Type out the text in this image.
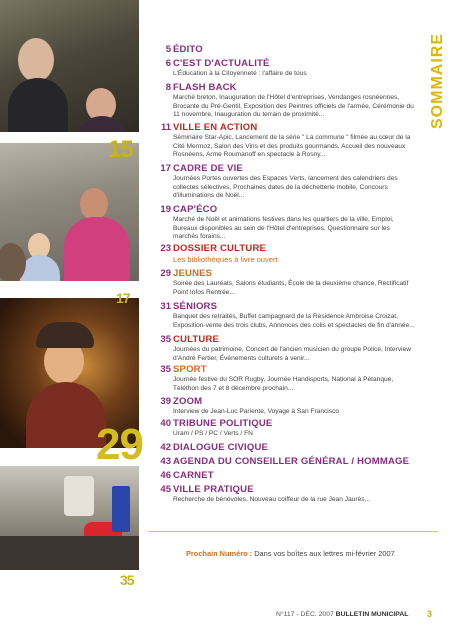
15
17
29
35
SOMMAIRE
5 ÉDITO
6 C'EST D'ACTUALITÉ
L'Éducation à la Citoyenneté : l'affaire de tous
8 FLASH BACK
Marché breton, Inauguration de l'Hôtel d'entreprises, Vendanges rosnéennes, Brocante du Pré-Gentil, Exposition des Peintres officiels de l'armée, Cérémonie du 11 novembre, Inauguration du terrain de proximité...
11 VILLE EN ACTION
Séminaire Star-Apic, Lancement de la série " La commune " filmée au cœur de la Cité Mermoz, Salon des Vins et des produits gourmands, Accueil des nouveaux Rosnéens, Arme Roumanoff en spectacle à Rosny...
17 CADRE DE VIE
Journées Portes ouvertes des Espaces Verts, lancement des calendriers des collectes sélectives, Prochaines dates de la déchetterie mobile, Concours d'illuminations de Noël...
19 CAP'ÉCO
Marché de Noël et animations festives dans les quartiers de la ville, Emploi, Bureaux disponibles au sein de l'Hôtel d'entreprises, Questionnaire sur les marchés forains...
23 DOSSIER CULTURE
Les bibliothèques à livre ouvert
29 JEUNES
Soirée des Lauréats, Salons étudiants, École de la deuxième chance, Rectificatif Point Infos Rentrée...
31 SÉNIORS
Banquet des retraités, Buffet campagnard de la Résidence Ambroise Croizat, Exposition-vente des trois clubs, Annonces des colis et spectacles de fin d'année...
35 CULTURE
Journées du patrimoine, Concert de l'ancien musicien du groupe Police, Interview d'André Fertier, Événements culturels à venir...
35 SPORT
Journée festive du SOR Rugby, Journée Handisports, National à Pétanque, Téléthon des 7 et 8 décembre prochain...
39 ZOOM
Interview de Jean-Luc Pariente, Voyage à San Francisco
40 TRIBUNE POLITIQUE
Uram / PS / PC / Verts / FN
42 DIALOGUE CIVIQUE
43 AGENDA DU CONSEILLER GÉNÉRAL / HOMMAGE
46 CARNET
45 VILLE PRATIQUE
Recherche de bénévoles, Nouveau coiffeur de la rue Jean Jaurès...
Prochain Numéro : Dans vos boîtes aux lettres mi-février 2007
N°117 - DÉC. 2007 BULLETIN MUNICIPAL 3
